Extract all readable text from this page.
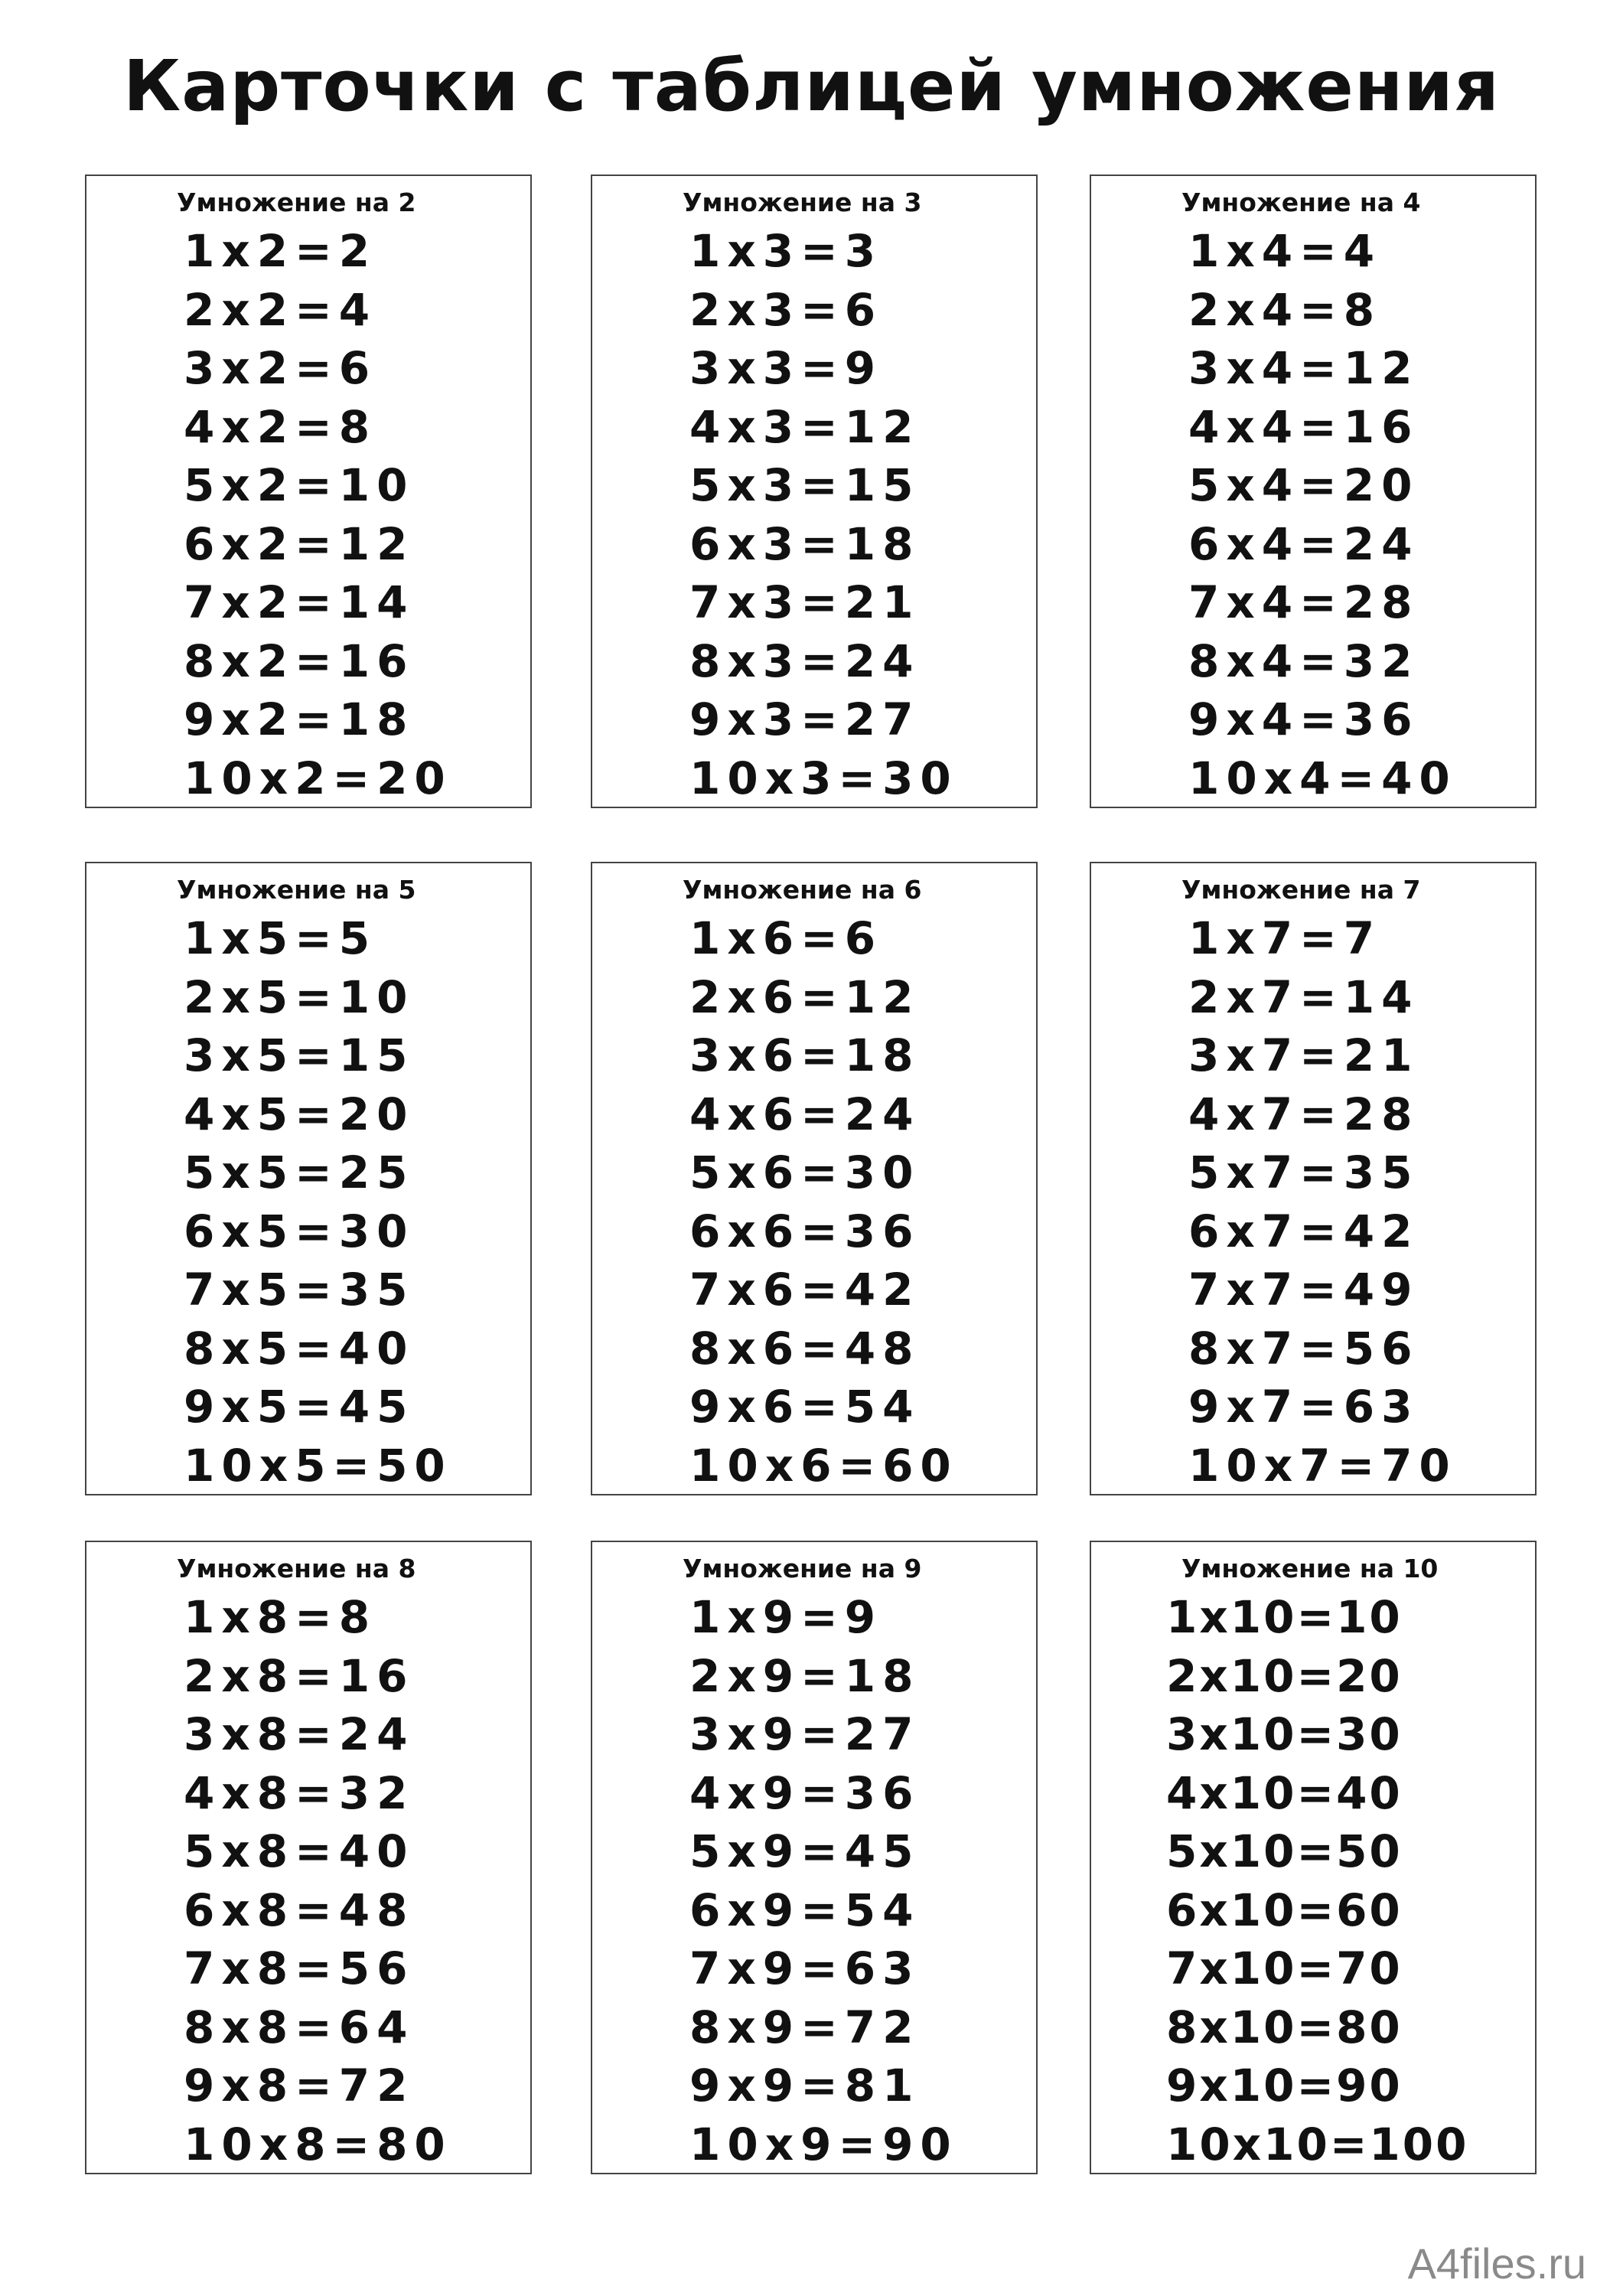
Карточки с таблицей умножения
Умножение на 2
1x2=2
2x2=4
3x2=6
4x2=8
5x2=10
6x2=12
7x2=14
8x2=16
9x2=18
10x2=20
Умножение на 3
1x3=3
2x3=6
3x3=9
4x3=12
5x3=15
6x3=18
7x3=21
8x3=24
9x3=27
10x3=30
Умножение на 4
1x4=4
2x4=8
3x4=12
4x4=16
5x4=20
6x4=24
7x4=28
8x4=32
9x4=36
10x4=40
Умножение на 5
1x5=5
2x5=10
3x5=15
4x5=20
5x5=25
6x5=30
7x5=35
8x5=40
9x5=45
10x5=50
Умножение на 6
1x6=6
2x6=12
3x6=18
4x6=24
5x6=30
6x6=36
7x6=42
8x6=48
9x6=54
10x6=60
Умножение на 7
1x7=7
2x7=14
3x7=21
4x7=28
5x7=35
6x7=42
7x7=49
8x7=56
9x7=63
10x7=70
Умножение на 8
1x8=8
2x8=16
3x8=24
4x8=32
5x8=40
6x8=48
7x8=56
8x8=64
9x8=72
10x8=80
Умножение на 9
1x9=9
2x9=18
3x9=27
4x9=36
5x9=45
6x9=54
7x9=63
8x9=72
9x9=81
10x9=90
Умножение на 10
1x10=10
2x10=20
3x10=30
4x10=40
5x10=50
6x10=60
7x10=70
8x10=80
9x10=90
10x10=100
A4files.ru
